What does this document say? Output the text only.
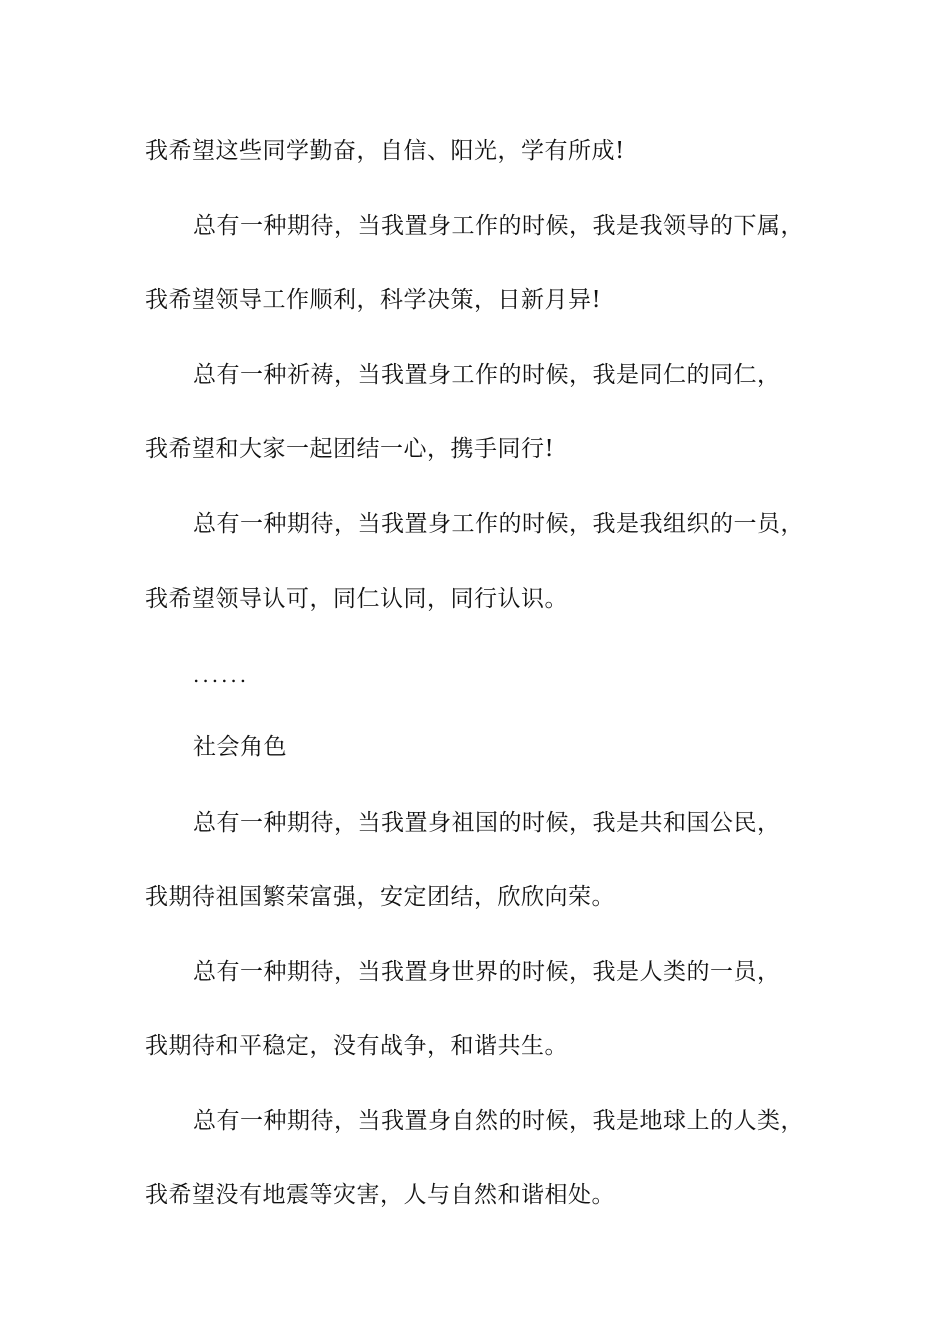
我希望这些同学勤奋，自信、阳光，学有所成!
总有一种期待，当我置身工作的时候，我是我领导的下属，
我希望领导工作顺利，科学决策，日新月异!
总有一种祈祷，当我置身工作的时候，我是同仁的同仁，
我希望和大家一起团结一心，携手同行!
总有一种期待，当我置身工作的时候，我是我组织的一员，
我希望领导认可，同仁认同，同行认识。
......
社会角色
总有一种期待，当我置身祖国的时候，我是共和国公民，
我期待祖国繁荣富强，安定团结，欣欣向荣。
总有一种期待，当我置身世界的时候，我是人类的一员，
我期待和平稳定，没有战争，和谐共生。
总有一种期待，当我置身自然的时候，我是地球上的人类，
我希望没有地震等灾害，人与自然和谐相处。
